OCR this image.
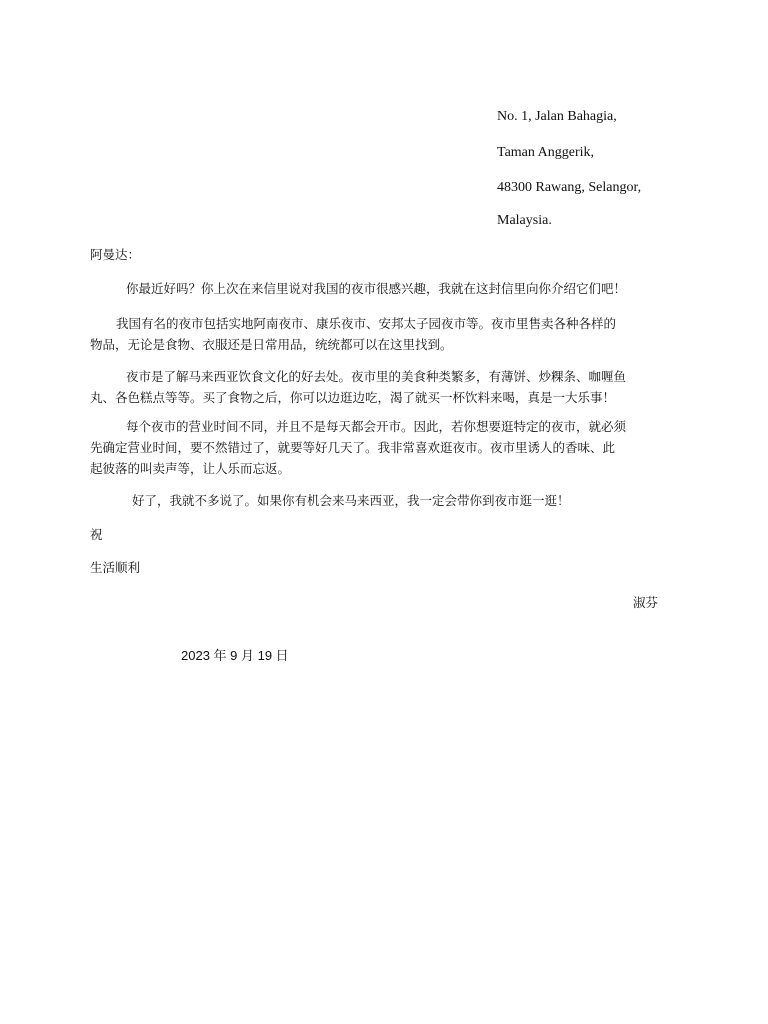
No. 1, Jalan Bahagia,
Taman Anggerik,
48300 Rawang, Selangor,
Malaysia.
阿曼达：

你最近好吗？你上次在来信里说对我国的夜市很感兴趣，我就在这封信里向你介绍它们吧！

我国有名的夜市包括实地阿南夜市、康乐夜市、安邦太子园夜市等。夜市里售卖各种各样的

物品，无论是食物、衣服还是日常用品，统统都可以在这里找到。

夜市是了解马来西亚饮食文化的好去处。夜市里的美食种类繁多，有薄饼、炒粿条、咖喱鱼

丸、各色糕点等等。买了食物之后，你可以边逛边吃，渴了就买一杯饮料来喝，真是一大乐事！

每个夜市的营业时间不同，并且不是每天都会开市。因此，若你想要逛特定的夜市，就必须

先确定营业时间，要不然错过了，就要等好几天了。我非常喜欢逛夜市。夜市里诱人的香味、此

起彼落的叫卖声等，让人乐而忘返。

好了，我就不多说了。如果你有机会来马来西亚，我一定会带你到夜市逛一逛！

祝
生活顺利
淑芬
2023 年 9 月 19 日
